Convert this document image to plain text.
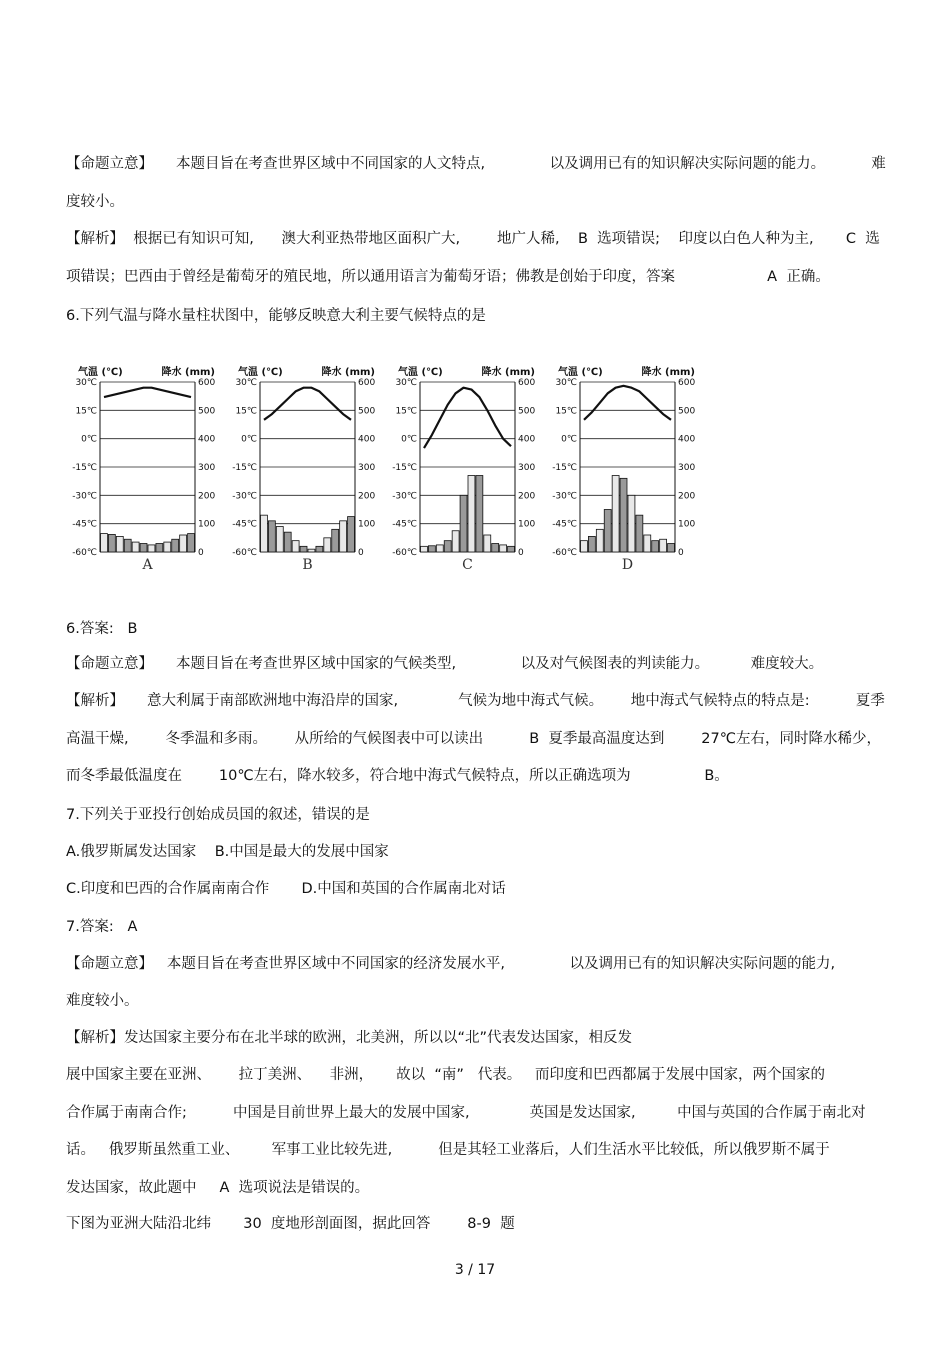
【命题立意】     本题目旨在考查世界区域中不同国家的人文特点,              以及调用已有的知识解决实际问题的能力。          难
度较小。
【解析】  根据已有知识可知,      澳大利亚热带地区面积广大,        地广人稀,    B  选项错误;    印度以白色人种为主,       C  选
项错误；巴西由于曾经是葡萄牙的殖民地，所以通用语言为葡萄牙语；佛教是创始于印度，答案                    A  正确。
6.下列气温与降水量柱状图中，能够反映意大利主要气候特点的是
气温 (℃)	降水 (mm)
30℃	600
15℃	500
0℃	400
-15℃	300
-30℃	200
-45℃	100
-60℃	0
A
气温 (℃)	降水 (mm)
30℃	600
15℃	500
0℃	400
-15℃	300
-30℃	200
-45℃	100
-60℃	0
B
气温 (℃)	降水 (mm)
30℃	600
15℃	500
0℃	400
-15℃	300
-30℃	200
-45℃	100
-60℃	0
C
气温 (℃)	降水 (mm)
30℃	600
15℃	500
0℃	400
-15℃	300
-30℃	200
-45℃	100
-60℃	0
D
6.答案:   B
【命题立意】     本题目旨在考查世界区域中国家的气候类型,              以及对气候图表的判读能力。         难度较大。
【解析】     意大利属于南部欧洲地中海沿岸的国家,             气候为地中海式气候。      地中海式气候特点的特点是:          夏季
高温干燥,        冬季温和多雨。      从所给的气候图表中可以读出          B  夏季最高温度达到        27℃左右，同时降水稀少，
而冬季最低温度在        10℃左右，降水较多，符合地中海式气候特点，所以正确选项为                B。
7.下列关于亚投行创始成员国的叙述，错误的是
A.俄罗斯属发达国家    B.中国是最大的发展中国家
C.印度和巴西的合作属南南合作       D.中国和英国的合作属南北对话
7.答案:   A
【命题立意】   本题目旨在考查世界区域中不同国家的经济发展水平,              以及调用已有的知识解决实际问题的能力,
难度较小。
【解析】发达国家主要分布在北半球的欧洲，北美洲，所以以“北”代表发达国家，相反发
展中国家主要在亚洲、      拉丁美洲、    非洲，     故以  “南”   代表。   而印度和巴西都属于发展中国家，两个国家的
合作属于南南合作;          中国是目前世界上最大的发展中国家,             英国是发达国家,         中国与英国的合作属于南北对
话。   俄罗斯虽然重工业、       军事工业比较先进,          但是其轻工业落后，人们生活水平比较低，所以俄罗斯不属于
发达国家，故此题中     A  选项说法是错误的。
下图为亚洲大陆沿北纬       30  度地形剖面图，据此回答        8-9  题
3 / 17
